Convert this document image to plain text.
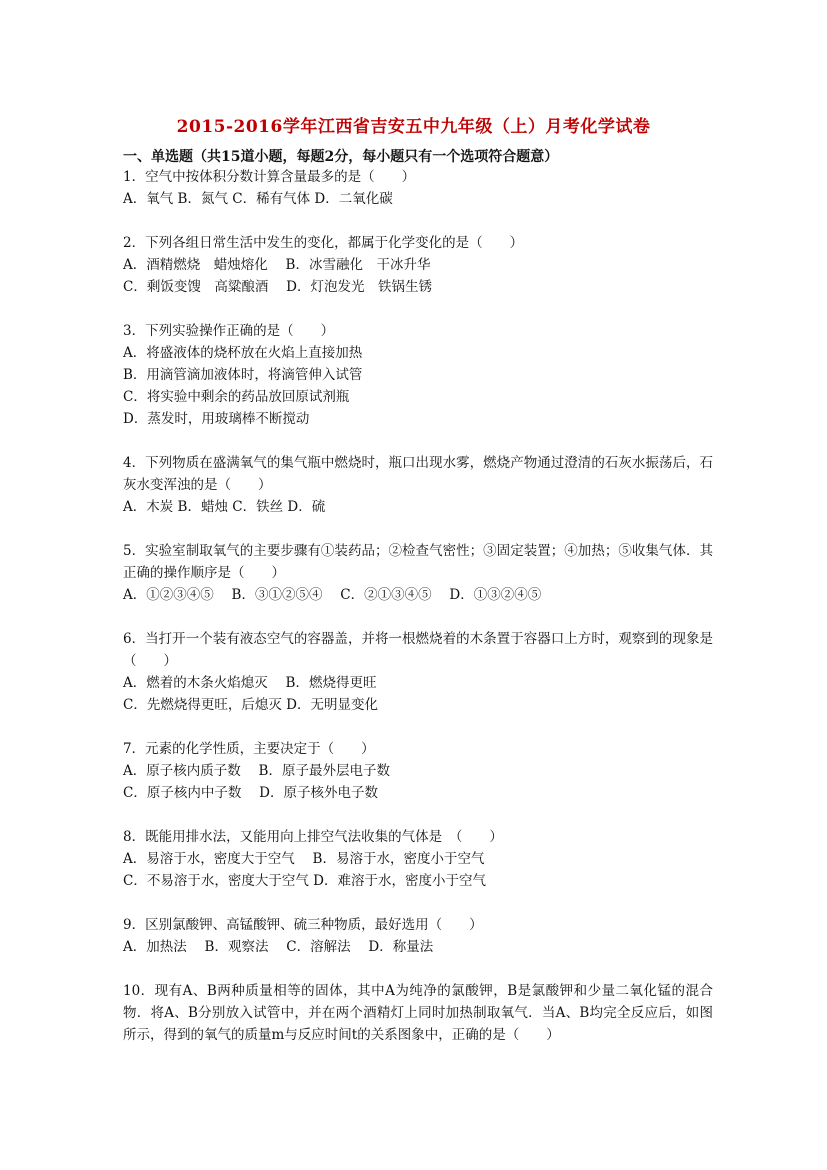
2015-2016学年江西省吉安五中九年级（上）月考化学试卷
一、单选题（共15道小题，每题2分，每小题只有一个选项符合题意）
1．空气中按体积分数计算含量最多的是（　　）
A．氧气 B．氮气 C．稀有气体 D．二氧化碳
2．下列各组日常生活中发生的变化，都属于化学变化的是（　　）
A．酒精燃烧　蜡烛熔化　 B．冰雪融化　干冰升华
C．剩饭变馊　高粱酿酒　 D．灯泡发光　铁锅生锈
3．下列实验操作正确的是（　　）
A．将盛液体的烧杯放在火焰上直接加热
B．用滴管滴加液体时，将滴管伸入试管
C．将实验中剩余的药品放回原试剂瓶
D．蒸发时，用玻璃棒不断搅动
4．下列物质在盛满氧气的集气瓶中燃烧时，瓶口出现水雾，燃烧产物通过澄清的石灰水振荡后，石灰水变浑浊的是（　　）
A．木炭 B．蜡烛 C．铁丝 D．硫
5．实验室制取氧气的主要步骤有①装药品；②检查气密性；③固定装置；④加热；⑤收集气体．其正确的操作顺序是（　　）
A．①②③④⑤　 B．③①②⑤④　 C．②①③④⑤　 D．①③②④⑤
6．当打开一个装有液态空气的容器盖，并将一根燃烧着的木条置于容器口上方时，观察到的现象是（　　）
A．燃着的木条火焰熄灭　 B．燃烧得更旺
C．先燃烧得更旺，后熄灭 D．无明显变化
7．元素的化学性质，主要决定于（　　）
A．原子核内质子数　 B．原子最外层电子数
C．原子核内中子数　 D．原子核外电子数
8．既能用排水法，又能用向上排空气法收集的气体是　（　　）
A．易溶于水，密度大于空气　 B．易溶于水，密度小于空气
C．不易溶于水，密度大于空气 D．难溶于水，密度小于空气
9．区别氯酸钾、高锰酸钾、硫三种物质，最好选用（　　）
A．加热法　 B．观察法　 C．溶解法　 D．称量法
10．现有A、B两种质量相等的固体，其中A为纯净的氯酸钾，B是氯酸钾和少量二氧化锰的混合物．将A、B分别放入试管中，并在两个酒精灯上同时加热制取氧气．当A、B均完全反应后，如图所示，得到的氧气的质量m与反应时间t的关系图象中，正确的是（　　）
